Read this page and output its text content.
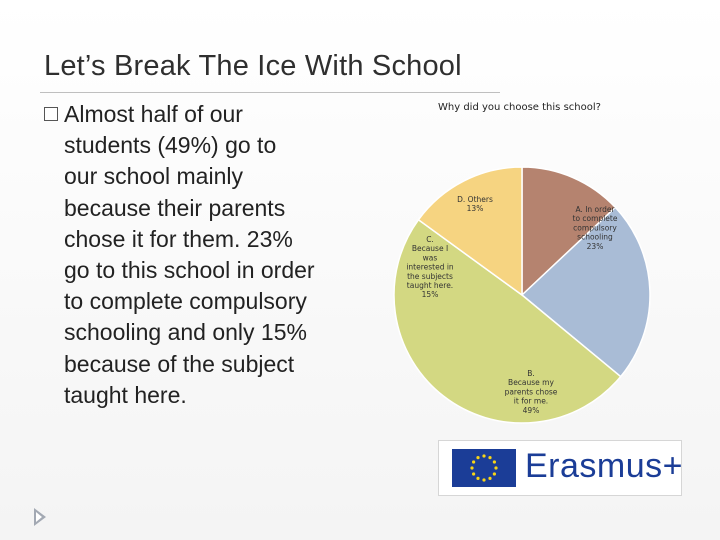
Let’s Break The Ice With School
Almost half of our
students (49%) go to
our school mainly
because their parents
chose it for them. 23%
go to this school in order
to complete compulsory
schooling and only 15%
because of the subject
taught here.
Why did you choose this school?
D. Others 13%	A. In order to complete compulsory schooling 23%
B. Because my parents chose it for me. 49%
C. Because I was interested in the subjects taught here. 15%
Erasmus+
